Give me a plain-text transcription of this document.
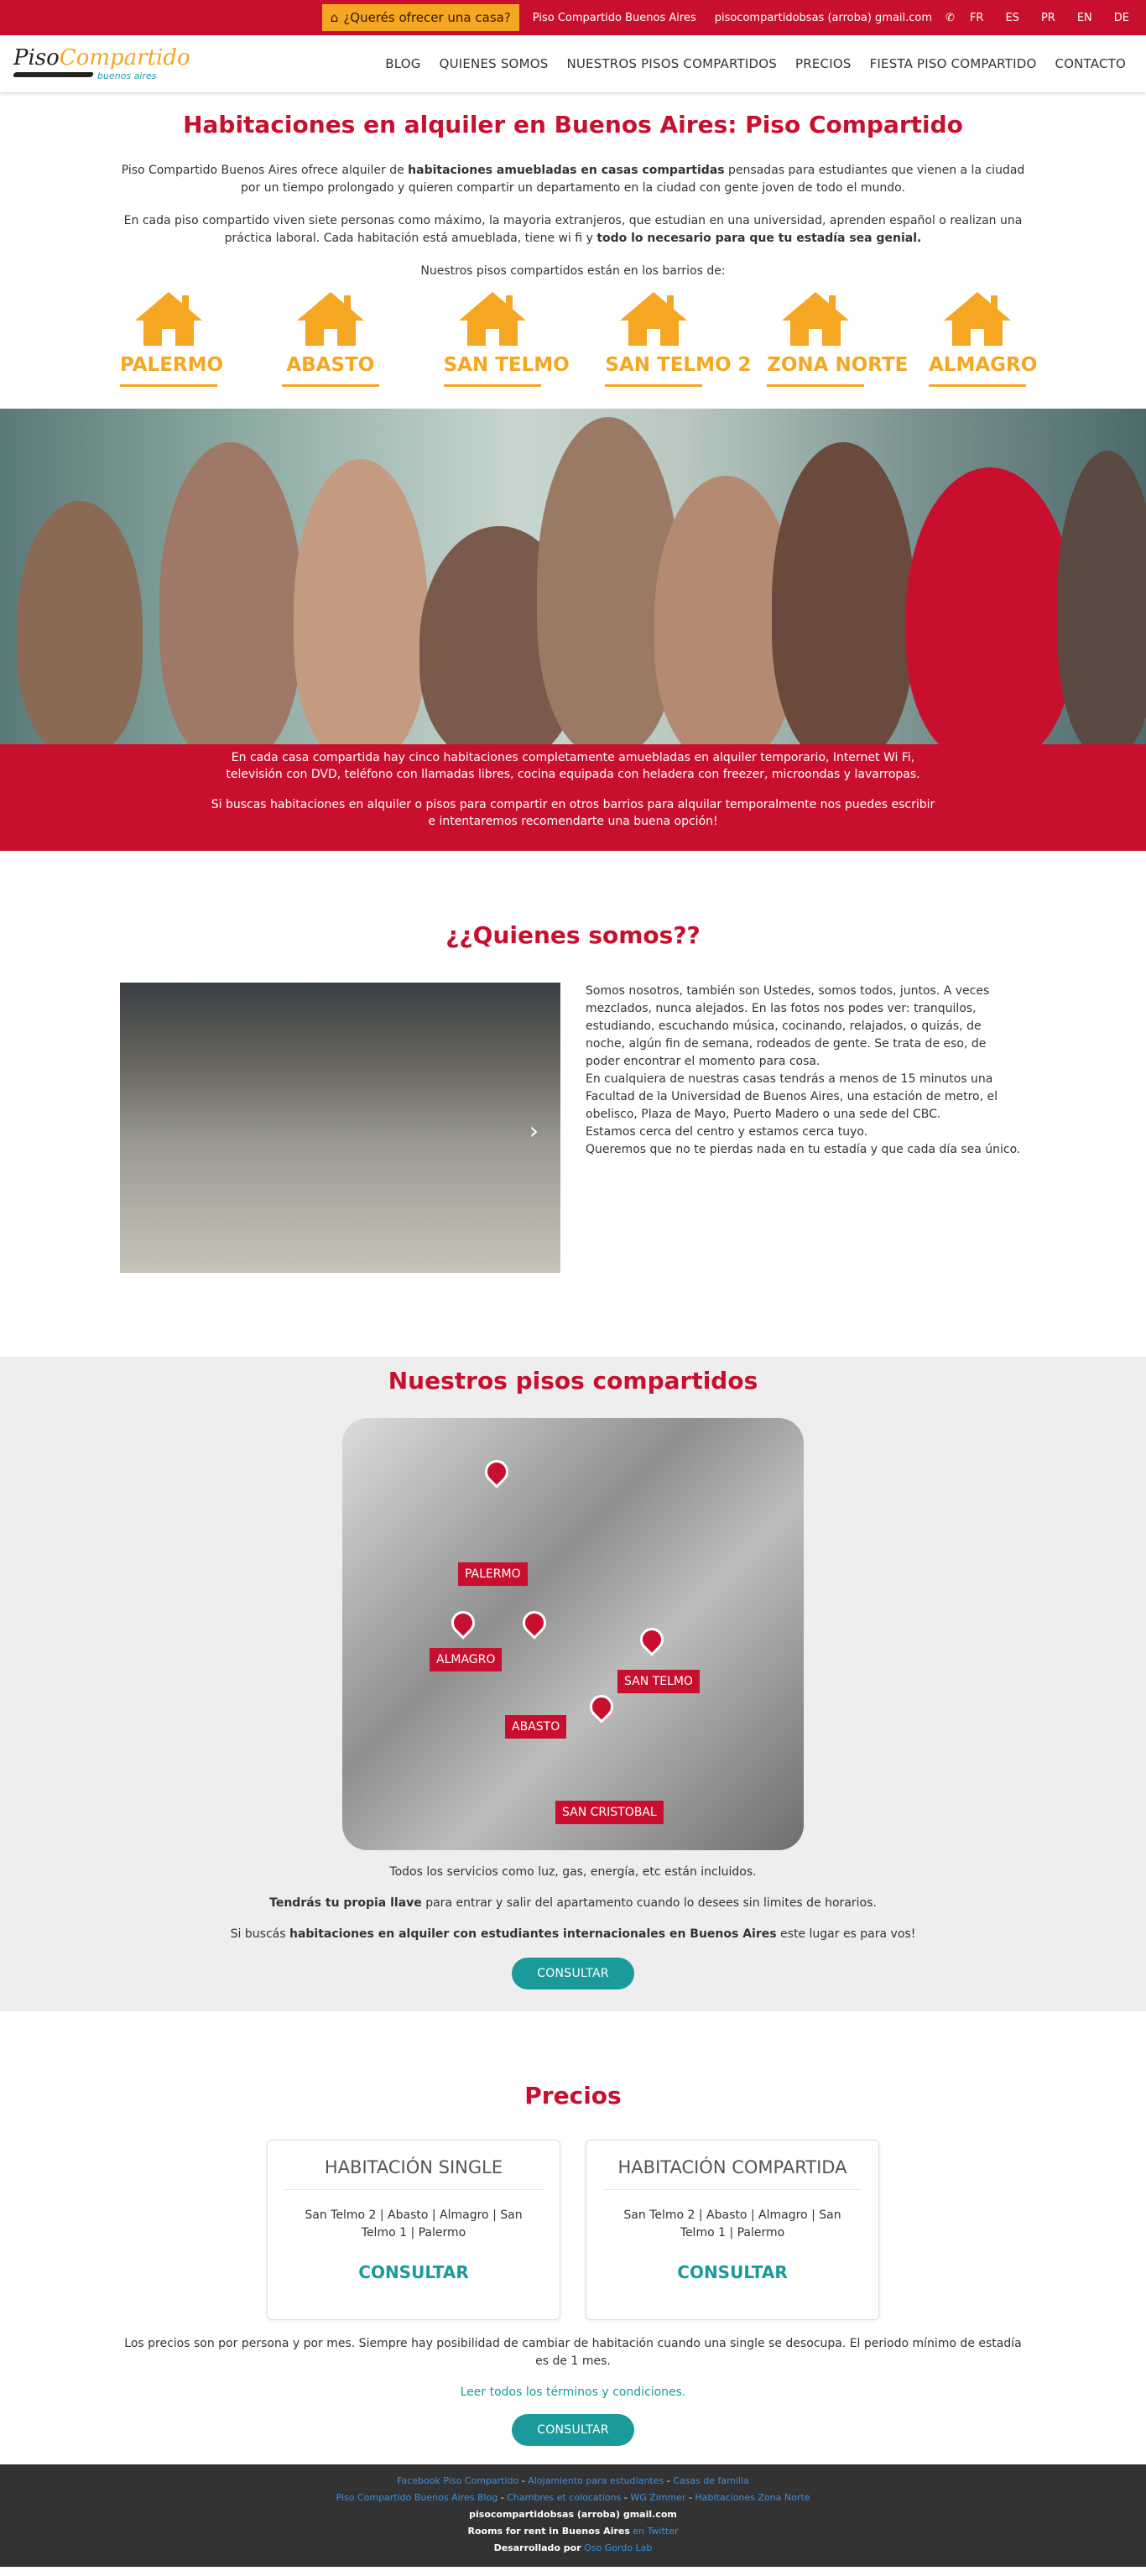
⌂ ¿Querés ofrecer una casa?	Piso Compartido Buenos Aires	pisocompartidobsas (arroba) gmail.com	✆	FR	ES	PR	EN	DE
PisoCompartido
buenos aires
BLOG QUIENES SOMOS NUESTROS PISOS COMPARTIDOS PRECIOS FIESTA PISO COMPARTIDO CONTACTO
Habitaciones en alquiler en Buenos Aires: Piso Compartido

Piso Compartido Buenos Aires ofrece alquiler de habitaciones amuebladas en casas compartidas pensadas para estudiantes que vienen a la ciudad por un tiempo prolongado y quieren compartir un departamento en la ciudad con gente joven de todo el mundo.

En cada piso compartido viven siete personas como máximo, la mayoria extranjeros, que estudian en una universidad, aprenden español o realizan una práctica laboral. Cada habitación está amueblada, tiene wi fi y todo lo necesario para que tu estadía sea genial.

Nuestros pisos compartidos están en los barrios de:

PALERMO	ABASTO	SAN TELMO SAN TELMO 2 ZONA NORTE ALMAGRO

En cada casa compartida hay cinco habitaciones completamente amuebladas en alquiler temporario, Internet Wi Fi, televisión con DVD, teléfono con llamadas libres, cocina equipada con heladera con freezer, microondas y lavarropas.

Si buscas habitaciones en alquiler o pisos para compartir en otros barrios para alquilar temporalmente nos puedes escribir e intentaremos recomendarte una buena opción!

¿¿Quienes somos??
›
Somos nosotros, también son Ustedes, somos todos, juntos. A veces mezclados, nunca alejados. En las fotos nos podes ver: tranquilos, estudiando, escuchando música, cocinando, relajados, o quizás, de noche, algún fin de semana, rodeados de gente. Se trata de eso, de poder encontrar el momento para cosa.
En cualquiera de nuestras casas tendrás a menos de 15 minutos una Facultad de la Universidad de Buenos Aires, una estación de metro, el obelisco, Plaza de Mayo, Puerto Madero o una sede del CBC.
Estamos cerca del centro y estamos cerca tuyo.
Queremos que no te pierdas nada en tu estadía y que cada día sea único.
Nuestros pisos compartidos
PALERMO
ALMAGRO
SAN TELMO
ABASTO
SAN CRISTOBAL

Todos los servicios como luz, gas, energía, etc están incluidos.

Tendrás tu propia llave para entrar y salir del apartamento cuando lo desees sin limites de horarios.

Si buscás habitaciones en alquiler con estudiantes internacionales en Buenos Aires este lugar es para vos!

CONSULTAR
Precios
HABITACIÓN SINGLE
San Telmo 2 | Abasto | Almagro | San Telmo 1 | Palermo
CONSULTAR
HABITACIÓN COMPARTIDA
San Telmo 2 | Abasto | Almagro | San Telmo 1 | Palermo
CONSULTAR

Los precios son por persona y por mes. Siempre hay posibilidad de cambiar de habitación cuando una single se desocupa. El periodo mínimo de estadía es de 1 mes.

Leer todos los términos y condiciones.

CONSULTAR
Facebook Piso Compartido - Alojamiento para estudiantes - Casas de familia
Piso Compartido Buenos Aires Blog - Chambres et colocations - WG Zimmer - Habitaciones Zona Norte
pisocompartidobsas (arroba) gmail.com
Rooms for rent in Buenos Aires en Twitter
Desarrollado por Oso Gordo Lab
